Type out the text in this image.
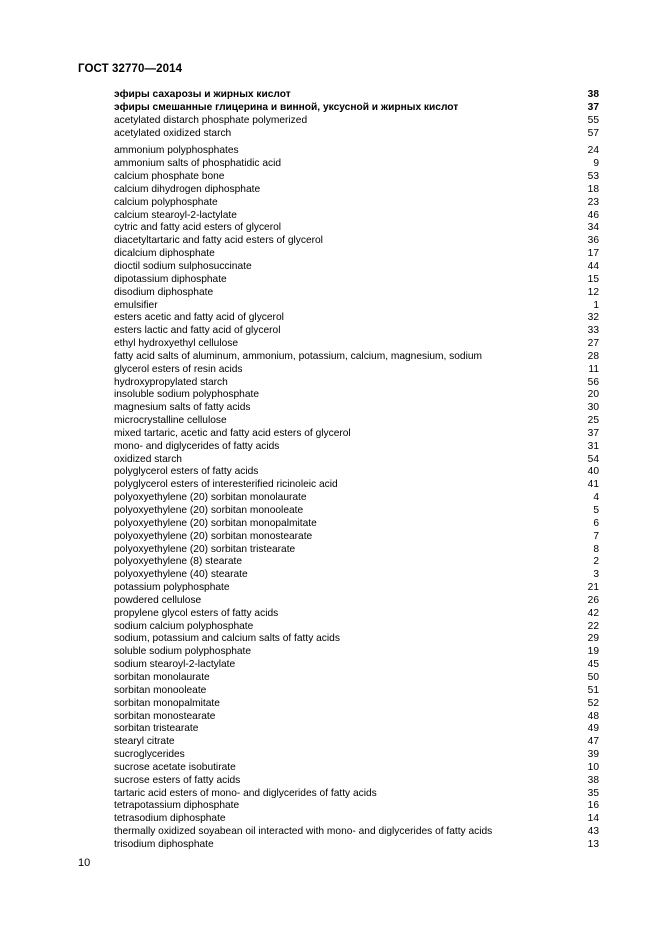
ГОСТ 32770—2014
эфиры сахарозы и жирных кислот	38
эфиры смешанные глицерина и винной, уксусной и жирных кислот	37
acetylated distarch phosphate polymerized	55
acetylated oxidized starch	57
ammonium polyphosphates	24
ammonium salts of phosphatidic acid	9
calcium phosphate bone	53
calcium dihydrogen diphosphate	18
calcium polyphosphate	23
calcium stearoyl-2-lactylate	46
cytric and fatty acid esters of glycerol	34
diacetyltartaric and fatty acid esters of glycerol	36
dicalcium diphosphate	17
dioctil sodium sulphosuccinate	44
dipotassium diphosphate	15
disodium diphosphate	12
emulsifier	1
esters acetic and fatty acid of glycerol	32
esters lactic and fatty acid of glycerol	33
ethyl hydroxyethyl cellulose	27
fatty acid salts of aluminum, ammonium, potassium, calcium, magnesium, sodium	28
glycerol esters of resin acids	11
hydroxypropylated starch	56
insoluble sodium polyphosphate	20
magnesium salts of fatty acids	30
microcrystalline cellulose	25
mixed tartaric, acetic and fatty acid esters of glycerol	37
mono- and diglycerides of fatty acids	31
oxidized starch	54
polyglycerol esters of fatty acids	40
polyglycerol esters of interesterified ricinoleic acid	41
polyoxyethylene (20) sorbitan monolaurate	4
polyoxyethylene (20) sorbitan monooleate	5
polyoxyethylene (20) sorbitan monopalmitate	6
polyoxyethylene (20) sorbitan monostearate	7
polyoxyethylene (20) sorbitan tristearate	8
polyoxyethylene (8) stearate	2
polyoxyethylene (40) stearate	3
potassium polyphosphate	21
powdered cellulose	26
propylene glycol esters of fatty acids	42
sodium calcium polyphosphate	22
sodium, potassium and calcium salts of fatty acids	29
soluble sodium polyphosphate	19
sodium stearoyl-2-lactylate	45
sorbitan monolaurate	50
sorbitan monooleate	51
sorbitan monopalmitate	52
sorbitan monostearate	48
sorbitan tristearate	49
stearyl citrate	47
sucroglycerides	39
sucrose acetate isobutirate	10
sucrose esters of fatty acids	38
tartaric acid esters of mono- and diglycerides of fatty acids	35
tetrapotassium diphosphate	16
tetrasodium diphosphate	14
thermally oxidized soyabean oil interacted with mono- and diglycerides of fatty acids	43
trisodium diphosphate	13
10
